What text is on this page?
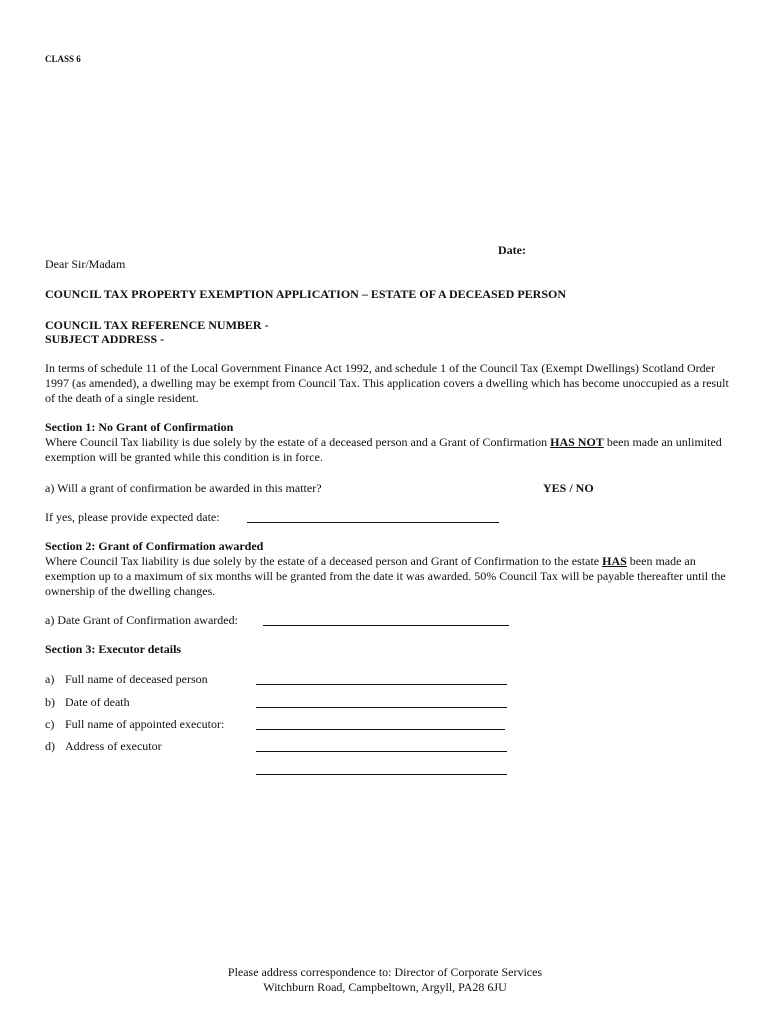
CLASS 6
Date:
Dear Sir/Madam
COUNCIL TAX PROPERTY EXEMPTION APPLICATION – ESTATE OF A DECEASED PERSON
COUNCIL TAX REFERENCE NUMBER -
SUBJECT ADDRESS -
In terms of schedule 11 of the Local Government Finance Act 1992, and schedule 1 of the Council Tax (Exempt Dwellings) Scotland Order 1997 (as amended), a dwelling may be exempt from Council Tax. This application covers a dwelling which has become unoccupied as a result of the death of a single resident.
Section 1: No Grant of Confirmation
Where Council Tax liability is due solely by the estate of a deceased person and a Grant of Confirmation HAS NOT been made an unlimited exemption will be granted while this condition is in force.
a) Will a grant of confirmation be awarded in this matter?	YES / NO
If yes, please provide expected date:
Section 2: Grant of Confirmation awarded
Where Council Tax liability is due solely by the estate of a deceased person and Grant of Confirmation to the estate HAS been made an exemption up to a maximum of six months will be granted from the date it was awarded. 50% Council Tax will be payable thereafter until the ownership of the dwelling changes.
a) Date Grant of Confirmation awarded:
Section 3: Executor details
a) Full name of deceased person
b) Date of death
c) Full name of appointed executor:
d) Address of executor
Please address correspondence to: Director of Corporate Services
Witchburn Road, Campbeltown, Argyll, PA28 6JU
